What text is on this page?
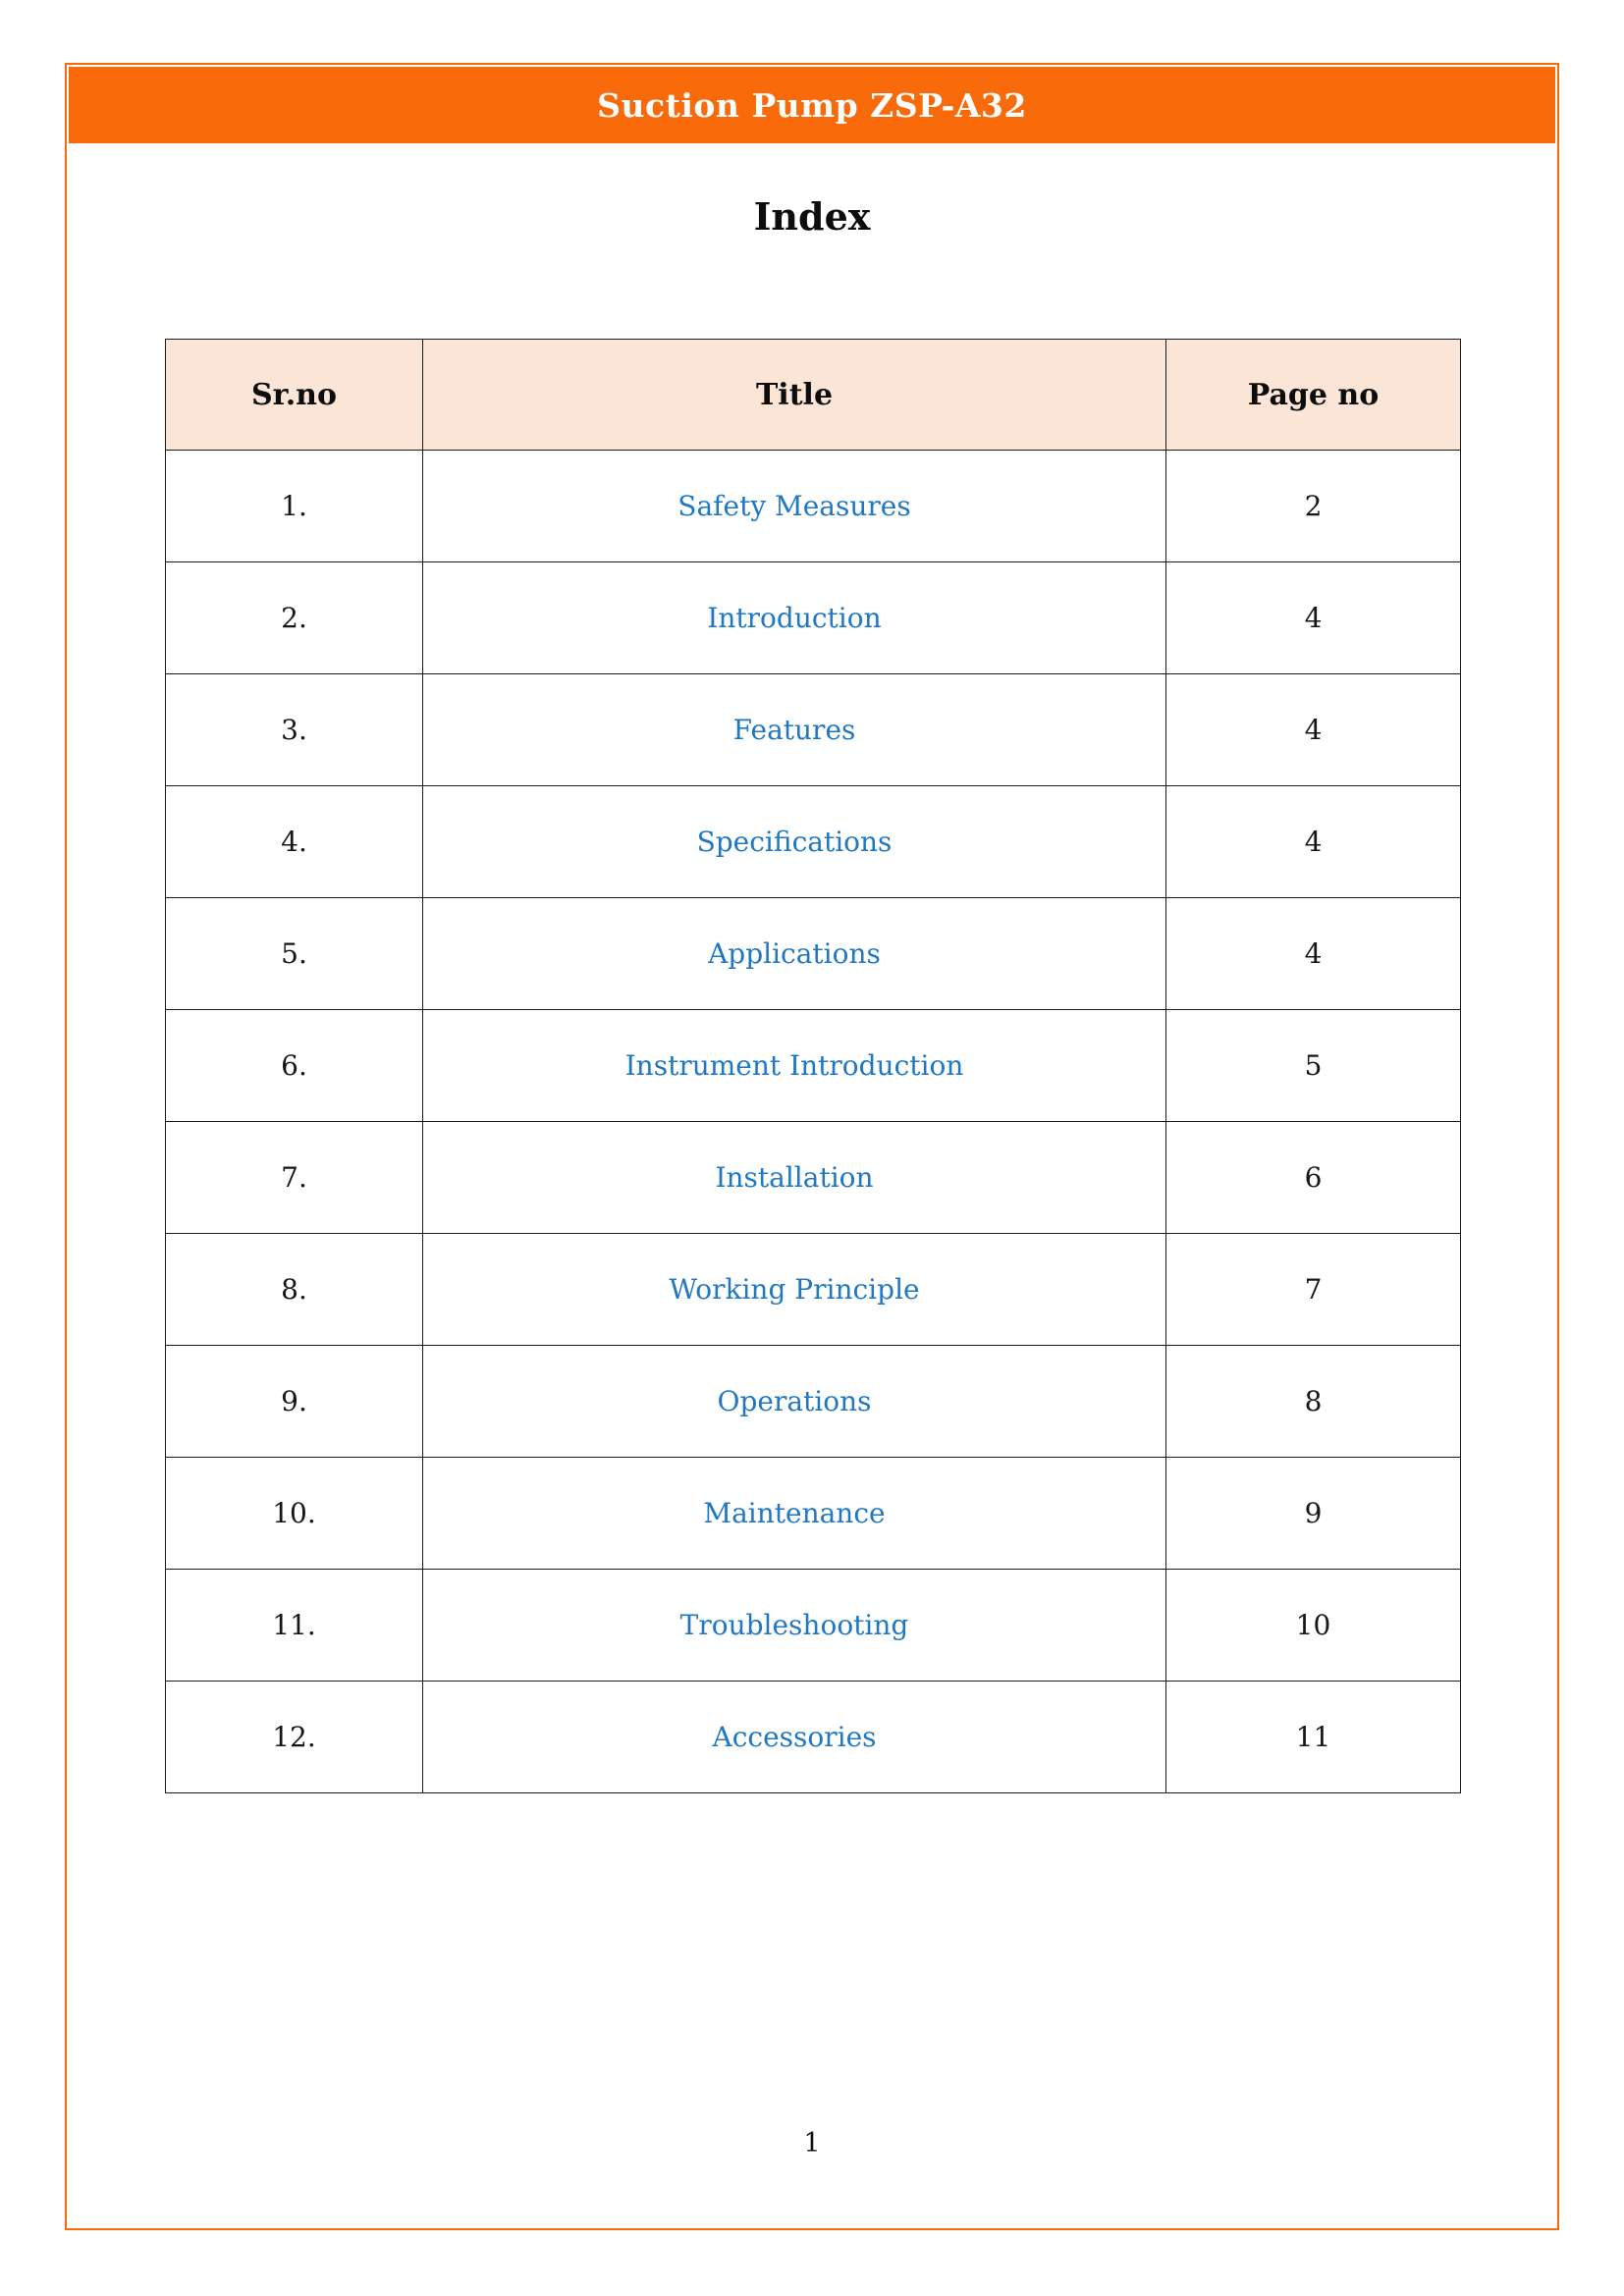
Suction Pump ZSP-A32
Index
Sr.no	Title	Page no
1.	Safety Measures	2
2.	Introduction	4
3.	Features	4
4.	Specifications	4
5.	Applications	4
6.	Instrument Introduction	5
7.	Installation	6
8.	Working Principle	7
9.	Operations	8
10.	Maintenance	9
11.	Troubleshooting	10
12.	Accessories	11
1
